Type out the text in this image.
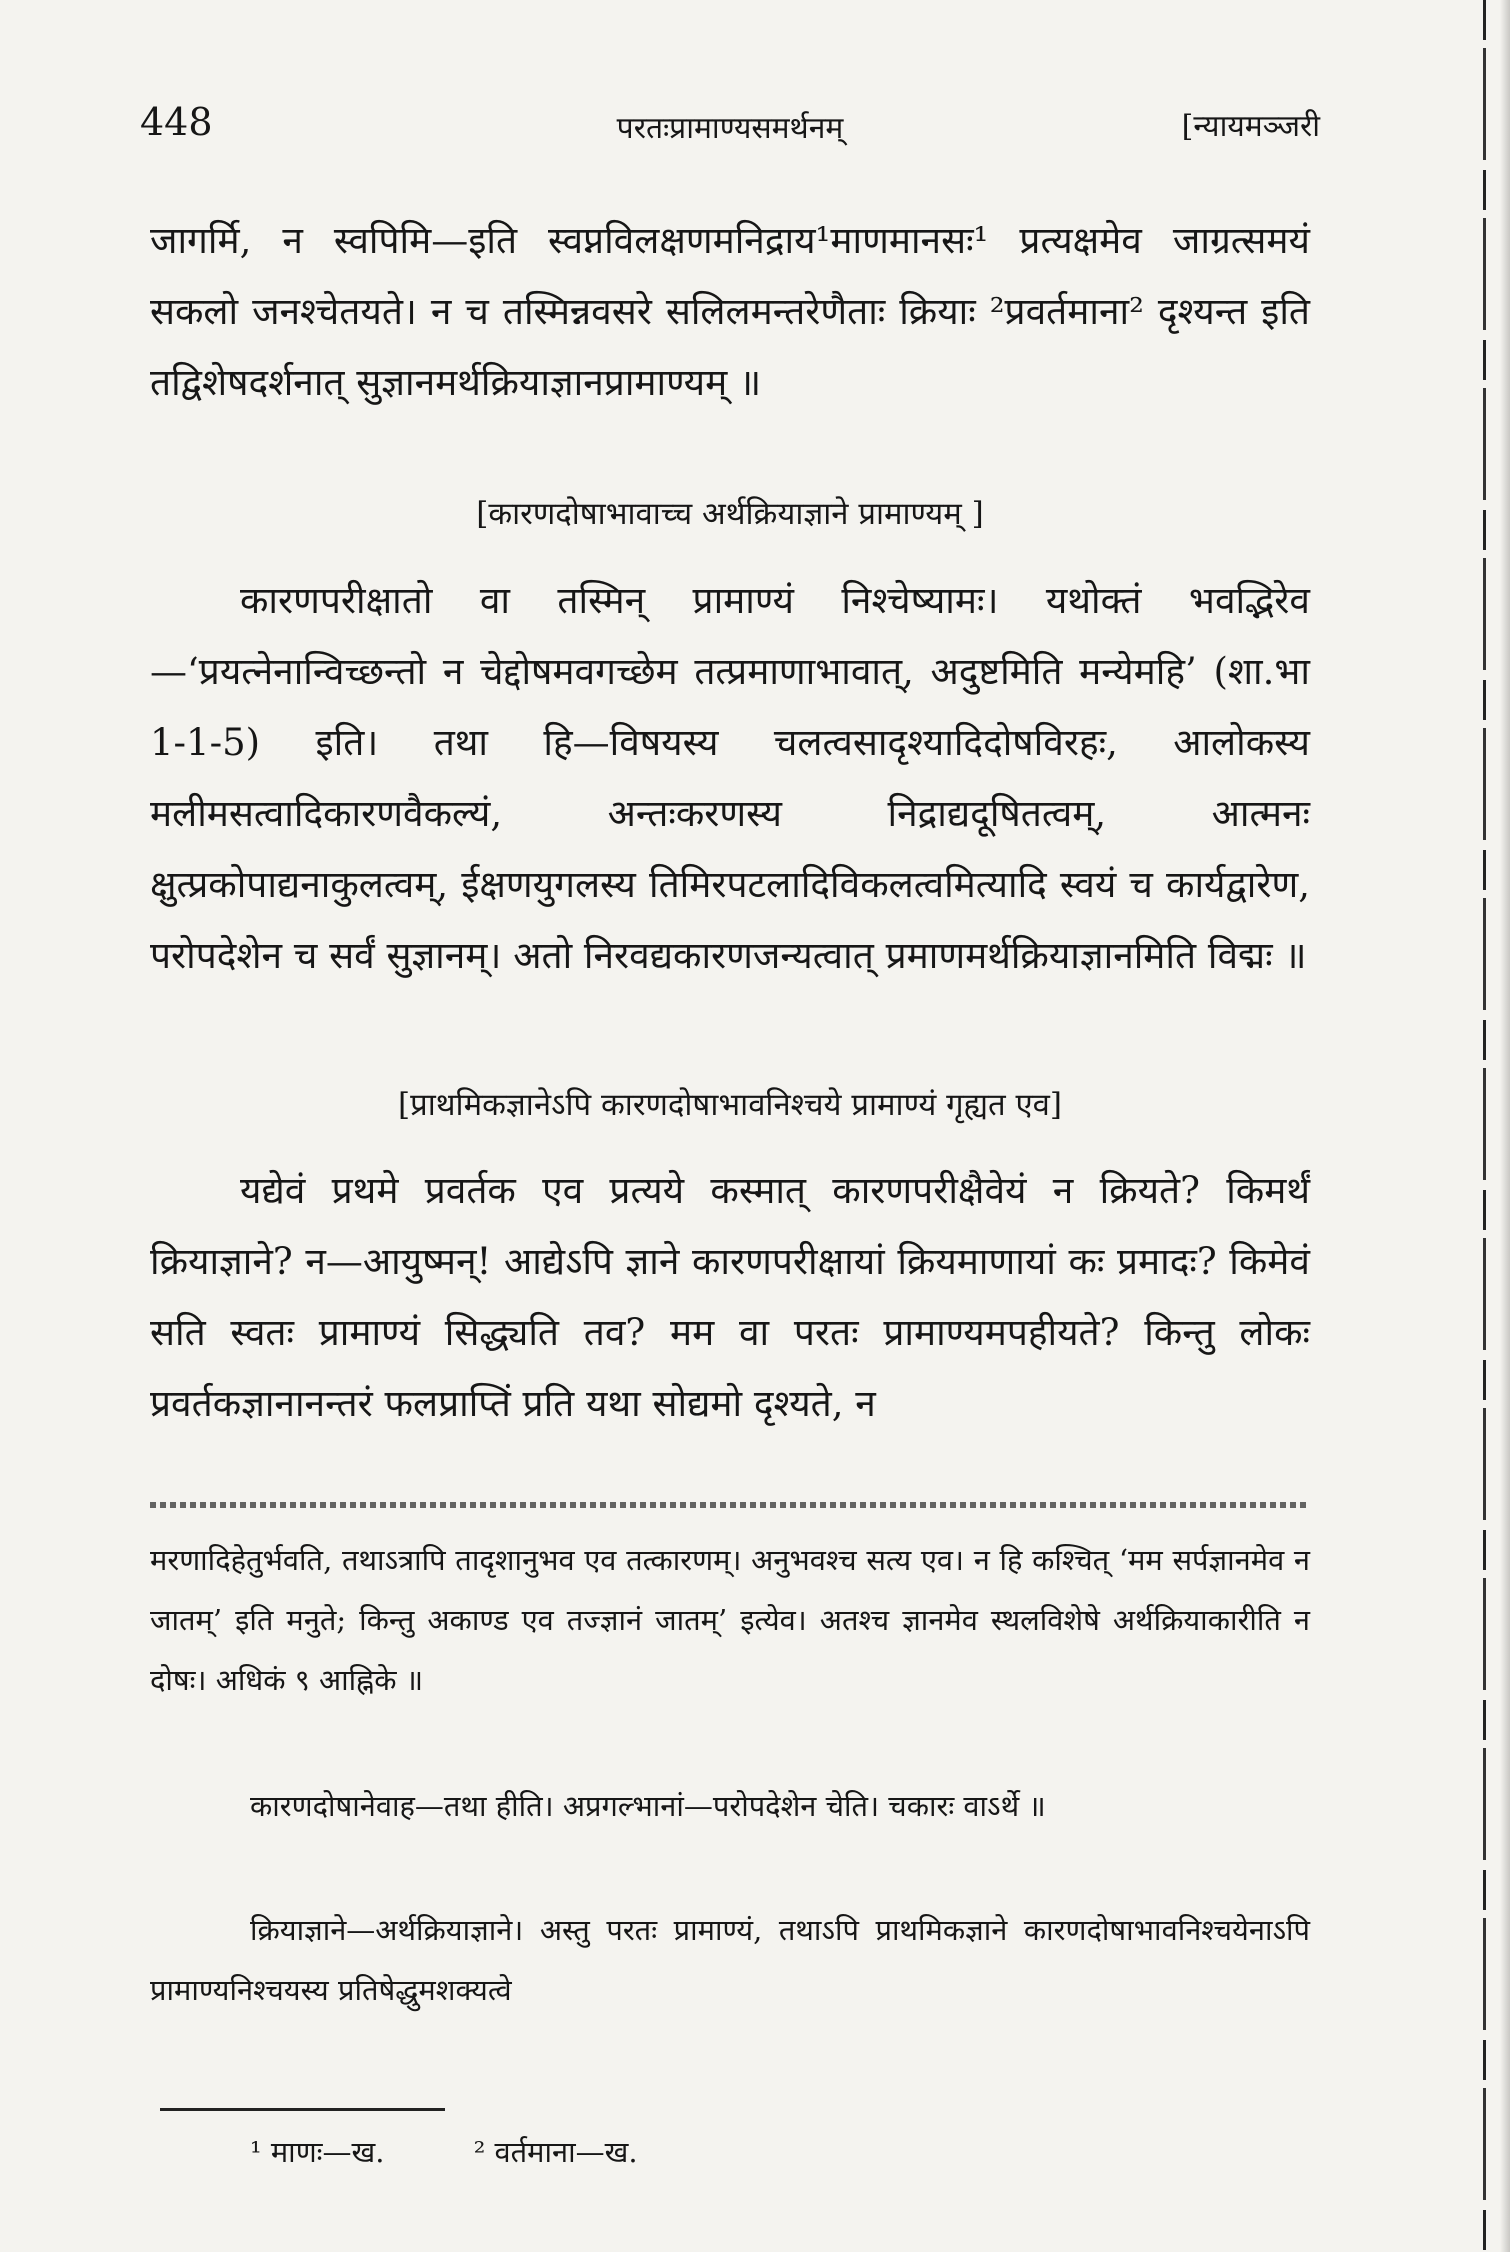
448	परतःप्रामाण्यसमर्थनम्	[न्यायमञ्जरी
जागर्मि, न स्वपिमि—इति स्वप्नविलक्षणमनिद्राय¹माणमानसः¹ प्रत्यक्षमेव जाग्रत्समयं सकलो जनश्चेतयते। न च तस्मिन्नवसरे सलिलमन्तरेणैताः क्रियाः ²प्रवर्तमाना² दृश्यन्त इति तद्विशेषदर्शनात् सुज्ञानमर्थक्रियाज्ञानप्रामाण्यम् ॥
[कारणदोषाभावाच्च अर्थक्रियाज्ञाने प्रामाण्यम् ]
कारणपरीक्षातो वा तस्मिन् प्रामाण्यं निश्चेष्यामः। यथोक्तं भवद्भिरेव—‘प्रयत्नेनान्विच्छन्तो न चेद्दोषमवगच्छेम तत्प्रमाणाभावात्, अदुष्टमिति मन्येमहि’ (शा.भा 1-1-5) इति। तथा हि—विषयस्य चलत्वसादृश्यादिदोषविरहः, आलोकस्य मलीमसत्वादिकारणवैकल्यं, अन्तःकरणस्य निद्राद्यदूषितत्वम्, आत्मनः क्षुत्प्रकोपाद्यनाकुलत्वम्, ईक्षणयुगलस्य तिमिरपटलादिविकलत्वमित्यादि स्वयं च कार्यद्वारेण, परोपदेशेन च सर्वं सुज्ञानम्। अतो निरवद्यकारणजन्यत्वात् प्रमाणमर्थक्रियाज्ञानमिति विद्मः ॥
[प्राथमिकज्ञानेऽपि कारणदोषाभावनिश्चये प्रामाण्यं गृह्यत एव]
यद्येवं प्रथमे प्रवर्तक एव प्रत्यये कस्मात् कारणपरीक्षैवेयं न क्रियते? किमर्थं क्रियाज्ञाने? न—आयुष्मन्! आद्येऽपि ज्ञाने कारणपरीक्षायां क्रियमाणायां कः प्रमादः? किमेवं सति स्वतः प्रामाण्यं सिद्ध्यति तव? मम वा परतः प्रामाण्यमपहीयते? किन्तु लोकः प्रवर्तकज्ञानानन्तरं फलप्राप्तिं प्रति यथा सोद्यमो दृश्यते, न
मरणादिहेतुर्भवति, तथाऽत्रापि तादृशानुभव एव तत्कारणम्। अनुभवश्च सत्य एव। न हि कश्चित् ‘मम सर्पज्ञानमेव न जातम्’ इति मनुते; किन्तु अकाण्ड एव तज्ज्ञानं जातम्’ इत्येव। अतश्च ज्ञानमेव स्थलविशेषे अर्थक्रियाकारीति न दोषः। अधिकं ९ आह्निके ॥
कारणदोषानेवाह—तथा हीति। अप्रगल्भानां—परोपदेशेन चेति। चकारः वाऽर्थे ॥
क्रियाज्ञाने—अर्थक्रियाज्ञाने। अस्तु परतः प्रामाण्यं, तथाऽपि प्राथमिकज्ञाने कारणदोषाभावनिश्चयेनाऽपि प्रामाण्यनिश्चयस्य प्रतिषेद्धुमशक्यत्वे
¹ माणः—ख.	² वर्तमाना—ख.
